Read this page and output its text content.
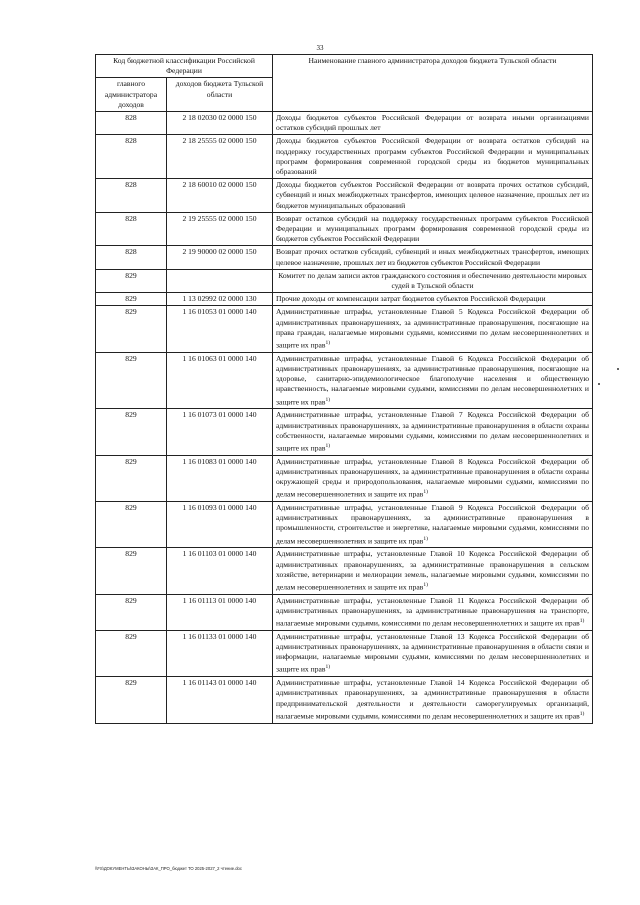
33
Код бюджетной классификации Российской Федерации		Наименование главного администратора доходов бюджета Тульской области
главного администратора доходов	доходов бюджета Тульской области	
828	2 18 02030 02 0000 150	Доходы бюджетов субъектов Российской Федерации от возврата иными организациями остатков субсидий прошлых лет
828	2 18 25555 02 0000 150	Доходы бюджетов субъектов Российской Федерации от возврата остатков субсидий на поддержку государственных программ субъектов Российской Федерации и муниципальных программ формирования современной городской среды из бюджетов муниципальных образований
828	2 18 60010 02 0000 150	Доходы бюджетов субъектов Российской Федерации от возврата прочих остатков субсидий, субвенций и иных межбюджетных трансфертов, имеющих целевое назначение, прошлых лет из бюджетов муниципальных образований
828	2 19 25555 02 0000 150	Возврат остатков субсидий на поддержку государственных программ субъектов Российской Федерации и муниципальных программ формирования современной городской среды из бюджетов субъектов Российской Федерации
828	2 19 90000 02 0000 150	Возврат прочих остатков субсидий, субвенций и иных межбюджетных трансфертов, имеющих целевое назначение, прошлых лет из бюджетов субъектов Российской Федерации
829		Комитет по делам записи актов гражданского состояния и обеспечению деятельности мировых судей в Тульской области
829	1 13 02992 02 0000 130	Прочие доходы от компенсации затрат бюджетов субъектов Российской Федерации
829	1 16 01053 01 0000 140	Административные штрафы, установленные Главой 5 Кодекса Российской Федерации об административных правонарушениях, за административные правонарушения, посягающие на права граждан, налагаемые мировыми судьями, комиссиями по делам несовершеннолетних и защите их прав$^{1)}$
829	1 16 01063 01 0000 140	Административные штрафы, установленные Главой 6 Кодекса Российской Федерации об административных правонарушениях, за административные правонарушения, посягающие на здоровье, санитарно-эпидемиологическое благополучие населения и общественную нравственность, налагаемые мировыми судьями, комиссиями по делам несовершеннолетних и защите их прав$^{1)}$
829	1 16 01073 01 0000 140	Административные штрафы, установленные Главой 7 Кодекса Российской Федерации об административных правонарушениях, за административные правонарушения в области охраны собственности, налагаемые мировыми судьями, комиссиями по делам несовершеннолетних и защите их прав$^{1)}$
829	1 16 01083 01 0000 140	Административные штрафы, установленные Главой 8 Кодекса Российской Федерации об административных правонарушениях, за административные правонарушения в области охраны окружающей среды и природопользования, налагаемые мировыми судьями, комиссиями по делам несовершеннолетних и защите их прав$^{1)}$
829	1 16 01093 01 0000 140	Административные штрафы, установленные Главой 9 Кодекса Российской Федерации об административных правонарушениях, за административные правонарушения в промышленности, строительстве и энергетике, налагаемые мировыми судьями, комиссиями по делам несовершеннолетних и защите их прав$^{1)}$
829	1 16 01103 01 0000 140	Административные штрафы, установленные Главой 10 Кодекса Российской Федерации об административных правонарушениях, за административные правонарушения в сельском хозяйстве, ветеринарии и мелиорации земель, налагаемые мировыми судьями, комиссиями по делам несовершеннолетних и защите их прав$^{1)}$
829	1 16 01113 01 0000 140	Административные штрафы, установленные Главой 11 Кодекса Российской Федерации об административных правонарушениях, за административные правонарушения на транспорте, налагаемые мировыми судьями, комиссиями по делам несовершеннолетних и защите их прав$^{1)}$
829	1 16 01133 01 0000 140	Административные штрафы, установленные Главой 13 Кодекса Российской Федерации об административных правонарушениях, за административные правонарушения в области связи и информации, налагаемые мировыми судьями, комиссиями по делам несовершеннолетних и защите их прав$^{1)}$
829	1 16 01143 01 0000 140	Административные штрафы, установленные Главой 14 Кодекса Российской Федерации об административных правонарушениях, за административные правонарушения в области предпринимательской деятельности и деятельности саморегулируемых организаций, налагаемые мировыми судьями, комиссиями по делам несовершеннолетних и защите их прав$^{1)}$
\\FS\ДОКУМЕНТЫ\ЗАКОНЫ\ЗАК_ПРО_бюджет ТО 2025-2027_2 чтение.doc
